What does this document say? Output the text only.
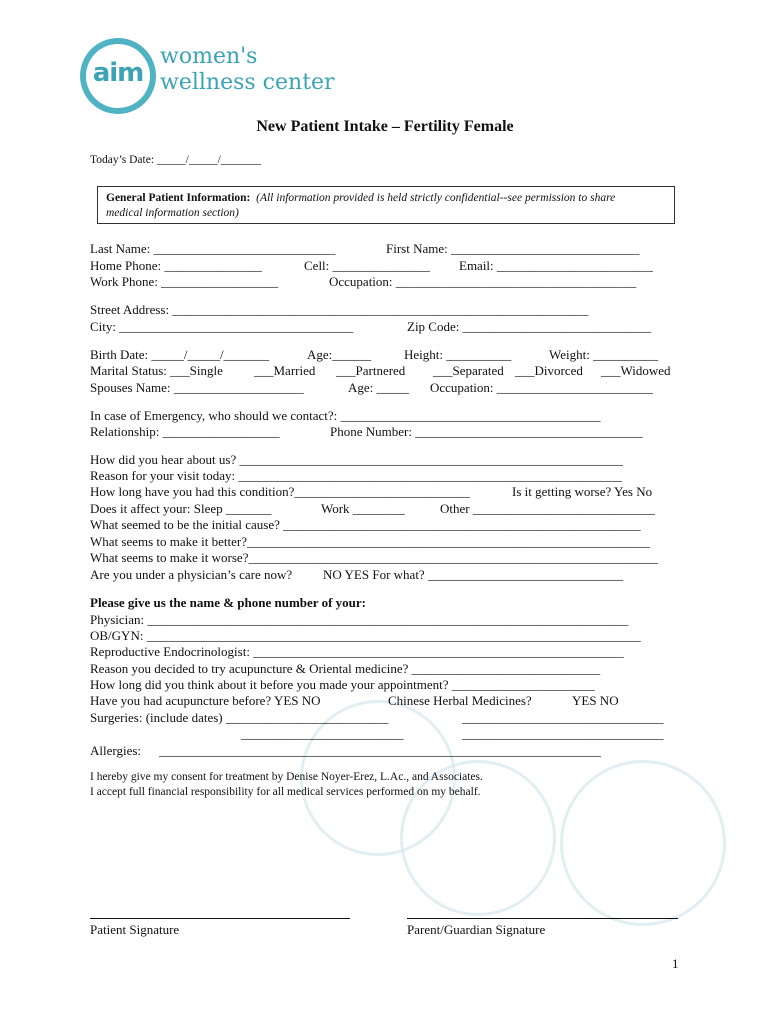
aim
women's
wellness center
New Patient Intake – Fertility Female
Today’s Date: _____/_____/_______
General Patient Information: (All information provided is held strictly confidential--see permission to share
medical information section)
Last Name: ____________________________	First Name: _____________________________
Home Phone: _______________	Cell: _______________ Email: ________________________
Work Phone: __________________	Occupation: _____________________________________
Street Address: ________________________________________________________________
City: ____________________________________	Zip Code: _____________________________
Birth Date: _____/_____/_______	Age:______	Height: __________	Weight: __________
Marital Status: ___Single ___Married ___Partnered ___Separated ___Divorced ___Widowed
Spouses Name: ____________________	Age: _____ Occupation: ________________________
In case of Emergency, who should we contact?: ________________________________________
Relationship: __________________	Phone Number: ___________________________________
How did you hear about us? ___________________________________________________________
Reason for your visit today: ___________________________________________________________
How long have you had this condition?___________________________	Is it getting worse? Yes No
Does it affect your: Sleep _______	Work ________	Other ____________________________
What seemed to be the initial cause? _______________________________________________________
What seems to make it better?______________________________________________________________
What seems to make it worse?_______________________________________________________________
Are you under a physician’s care now? NO YES For what? ______________________________
Please give us the name & phone number of your:
Physician: __________________________________________________________________________
OB/GYN: ____________________________________________________________________________
Reproductive Endocrinologist: _________________________________________________________
Reason you decided to try acupuncture & Oriental medicine? _____________________________
How long did you think about it before you made your appointment? ______________________
Have you had acupuncture before? YES NO	Chinese Herbal Medicines?	YES NO
Surgeries: (include dates) _________________________	_______________________________
_________________________	_______________________________
Allergies: ____________________________________________________________________
I hereby give my consent for treatment by Denise Noyer-Erez, L.Ac., and Associates.
I accept full financial responsibility for all medical services performed on my behalf.
Patient Signature	Parent/Guardian Signature
1
